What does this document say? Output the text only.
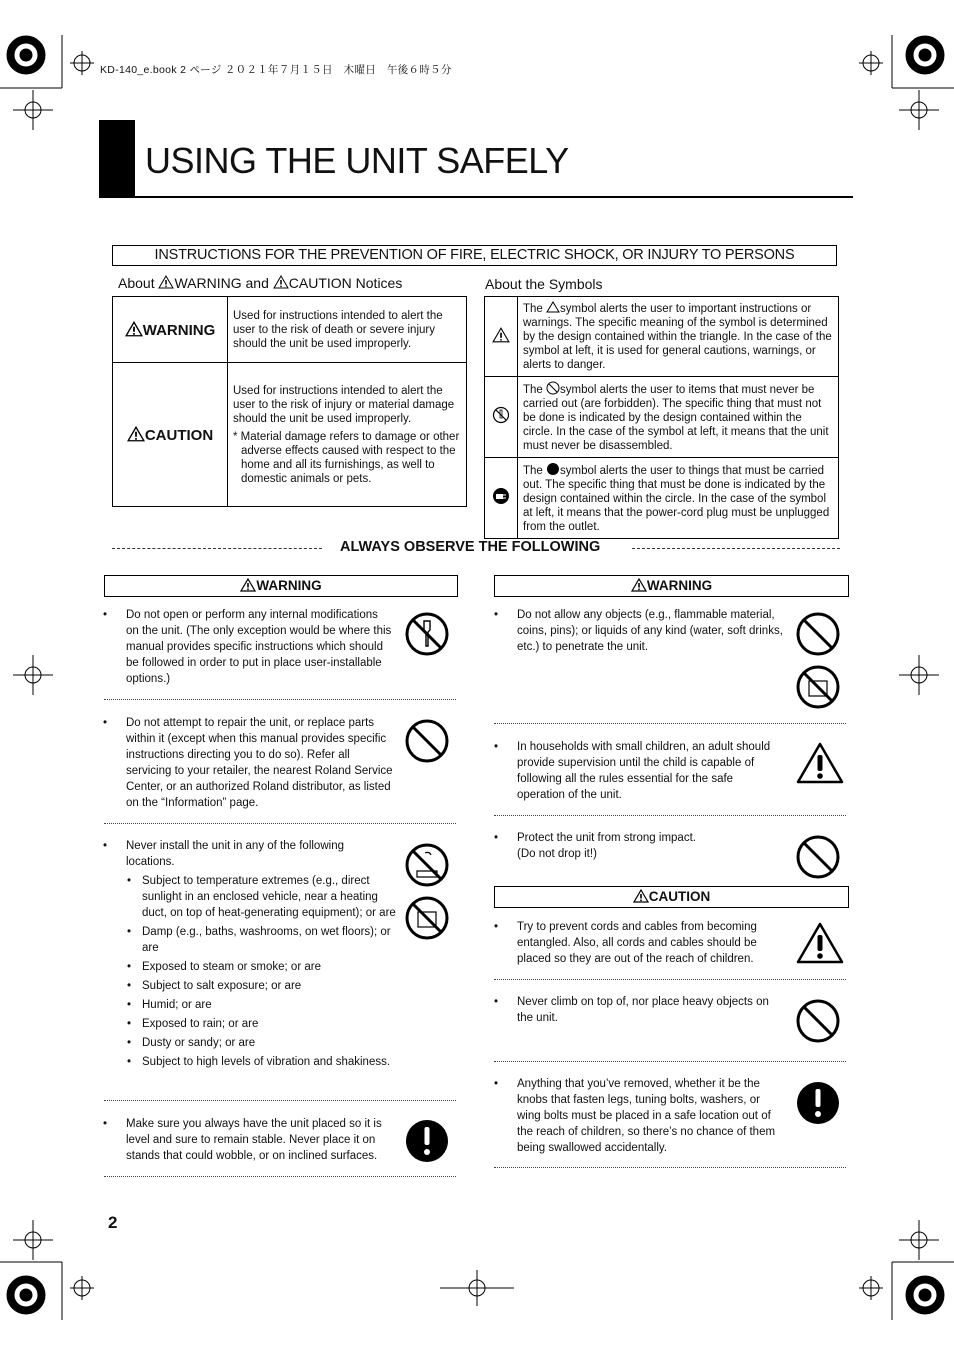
KD-140_e.book 2 ページ ２０２１年７月１５日　木曜日　午後６時５分
USING THE UNIT SAFELY
INSTRUCTIONS FOR THE PREVENTION OF FIRE, ELECTRIC SHOCK, OR INJURY TO PERSONS
About WARNING and CAUTION Notices
WARNING	Used for instructions intended to alert the user to the risk of death or severe injury should the unit be used improperly.
CAUTION	Used for instructions intended to alert the user to the risk of injury or material damage should the unit be used improperly.
* Material damage refers to damage or other adverse effects caused with respect to the home and all its furnishings, as well to domestic animals or pets.
About the Symbols
	The symbol alerts the user to important instructions or warnings. The specific meaning of the symbol is determined by the design contained within the triangle. In the case of the symbol at left, it is used for general cautions, warnings, or alerts to danger.
	The symbol alerts the user to items that must never be carried out (are forbidden). The specific thing that must not be done is indicated by the design contained within the circle. In the case of the symbol at left, it means that the unit must never be disassembled.
	The symbol alerts the user to things that must be carried out. The specific thing that must be done is indicated by the design contained within the circle. In the case of the symbol at left, it means that the power-cord plug must be unplugged from the outlet.
ALWAYS OBSERVE THE FOLLOWING
WARNING
• Do not open or perform any internal modifications on the unit. (The only exception would be where this manual provides specific instructions which should be followed in order to put in place user-installable options.)
• Do not attempt to repair the unit, or replace parts within it (except when this manual provides specific instructions directing you to do so). Refer all servicing to your retailer, the nearest Roland Service Center, or an authorized Roland distributor, as listed on the “Information” page.
• Never install the unit in any of the following locations.
• Subject to temperature extremes (e.g., direct sunlight in an enclosed vehicle, near a heating duct, on top of heat-generating equipment); or are
• Damp (e.g., baths, washrooms, on wet floors); or are
• Exposed to steam or smoke; or are
• Subject to salt exposure; or are
• Humid; or are
• Exposed to rain; or are
• Dusty or sandy; or are
• Subject to high levels of vibration and shakiness.
• Make sure you always have the unit placed so it is level and sure to remain stable. Never place it on stands that could wobble, or on inclined surfaces.
WARNING
• Do not allow any objects (e.g., flammable material, coins, pins); or liquids of any kind (water, soft drinks, etc.) to penetrate the unit.
• In households with small children, an adult should provide supervision until the child is capable of following all the rules essential for the safe operation of the unit.
• Protect the unit from strong impact.
(Do not drop it!)
CAUTION
• Try to prevent cords and cables from becoming entangled. Also, all cords and cables should be placed so they are out of the reach of children.
• Never climb on top of, nor place heavy objects on the unit.
• Anything that you’ve removed, whether it be the knobs that fasten legs, tuning bolts, washers, or wing bolts must be placed in a safe location out of the reach of children, so there’s no chance of them being swallowed accidentally.
2
